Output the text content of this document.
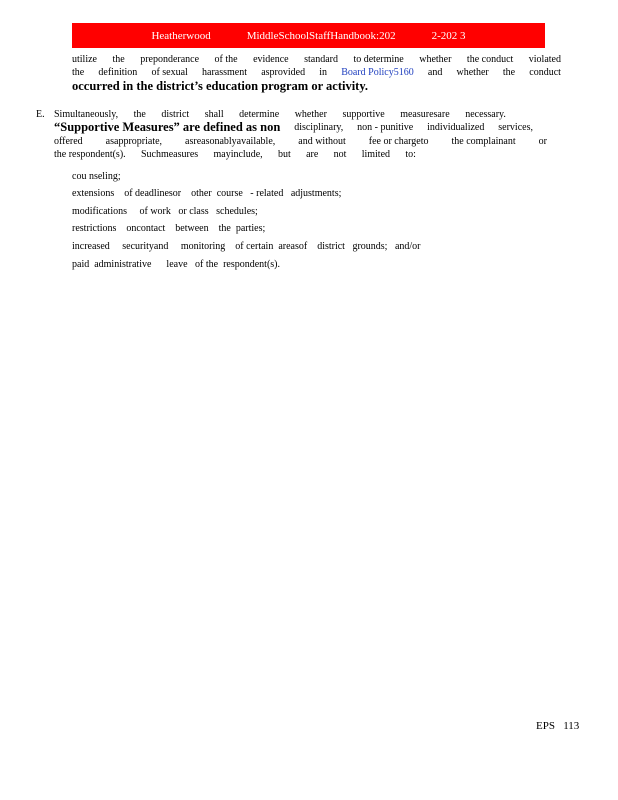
Heatherwood	MiddleSchoolStaffHandbook:202	2-202 3
utilize the preponderance of the evidence standard to determine whether the conduct violated
the definition of sexual harassment asprovided in Board Policy5160 and whether the conduct
occurred in the district’s education program or activity.
E. Simultaneously, the district shall determine whether supportive measuresare necessary.
“Supportive Measures” are defined as non disciplinary, non - punitive individualized services,
offered asappropriate, asreasonablyavailable, and without fee or chargeto the complainant or
the respondent(s). Suchmeasures mayinclude, but are not limited to:
cou nseling;
extensions    of deadlinesor    other  course   - related   adjustments;
modifications     of work   or class   schedules;
restrictions    oncontact    between    the  parties;
increased     securityand     monitoring    of certain  areasof    district   grounds;   and/or
paid  administrative      leave   of the  respondent(s).
EPS 113
